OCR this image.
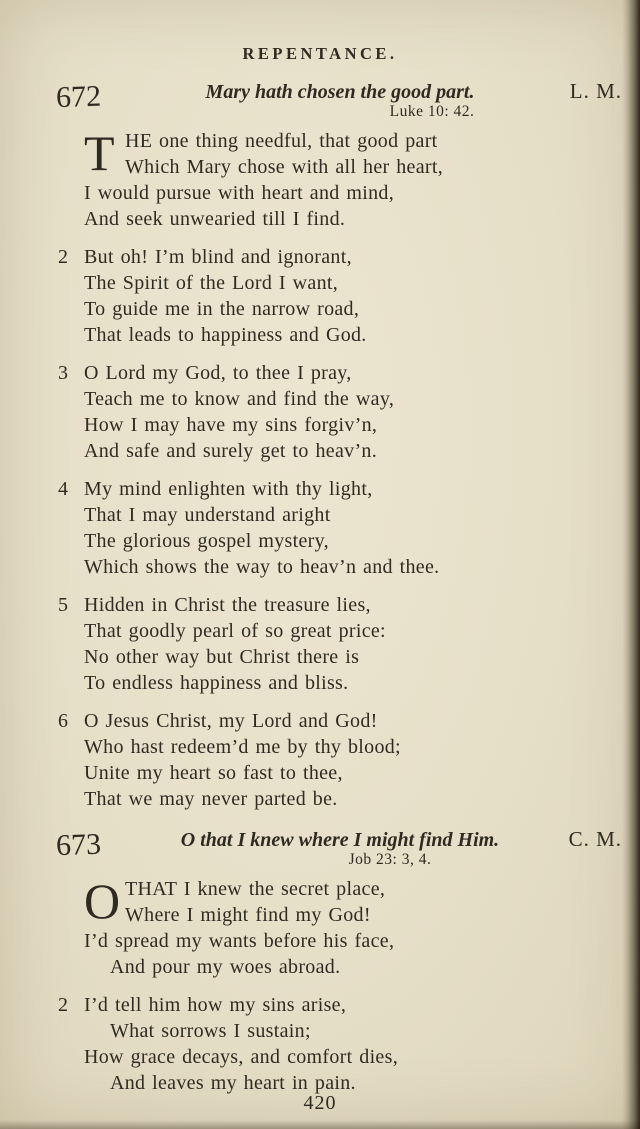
REPENTANCE.
672	Mary hath chosen the good part.
Luke 10: 42.
L. M.
T HE one thing needful, that good part
Which Mary chose with all her heart,
I would pursue with heart and mind,
And seek unwearied till I find.
2 But oh! I’m blind and ignorant,
The Spirit of the Lord I want,
To guide me in the narrow road,
That leads to happiness and God.
3 O Lord my God, to thee I pray,
Teach me to know and find the way,
How I may have my sins forgiv’n,
And safe and surely get to heav’n.
4 My mind enlighten with thy light,
That I may understand aright
The glorious gospel mystery,
Which shows the way to heav’n and thee.
5 Hidden in Christ the treasure lies,
That goodly pearl of so great price:
No other way but Christ there is
To endless happiness and bliss.
6 O Jesus Christ, my Lord and God!
Who hast redeem’d me by thy blood;
Unite my heart so fast to thee,
That we may never parted be.
673	O that I knew where I might find Him.
Job 23: 3, 4.
C. M.
O THAT I knew the secret place,
Where I might find my God!
I’d spread my wants before his face,
And pour my woes abroad.
2 I’d tell him how my sins arise,
What sorrows I sustain;
How grace decays, and comfort dies,
And leaves my heart in pain.
420
